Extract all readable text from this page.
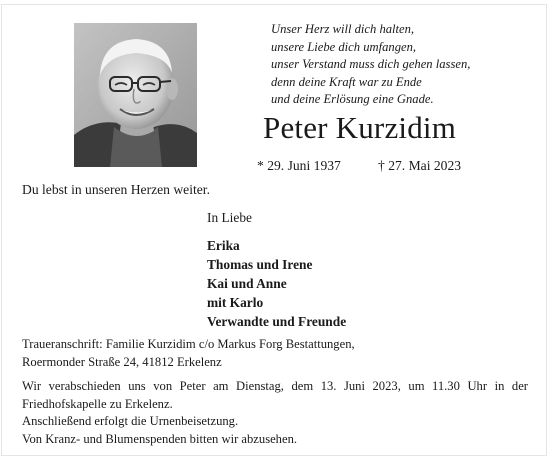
Unser Herz will dich halten,
unsere Liebe dich umfangen,
unser Verstand muss dich gehen lassen,
denn deine Kraft war zu Ende
und deine Erlösung eine Gnade.
Peter Kurzidim
* 29. Juni 1937	† 27. Mai 2023

Du lebst in unseren Herzen weiter.

In Liebe
Erika
Thomas und Irene
Kai und Anne
mit Karlo
Verwandte und Freunde

Traueranschrift: Familie Kurzidim c/o Markus Forg Bestattungen,
Roermonder Straße 24, 41812 Erkelenz

Wir verabschieden uns von Peter am Dienstag, dem 13. Juni 2023, um 11.30 Uhr in der
Friedhofskapelle zu Erkelenz.
Anschließend erfolgt die Urnenbeisetzung.
Von Kranz- und Blumenspenden bitten wir abzusehen.
